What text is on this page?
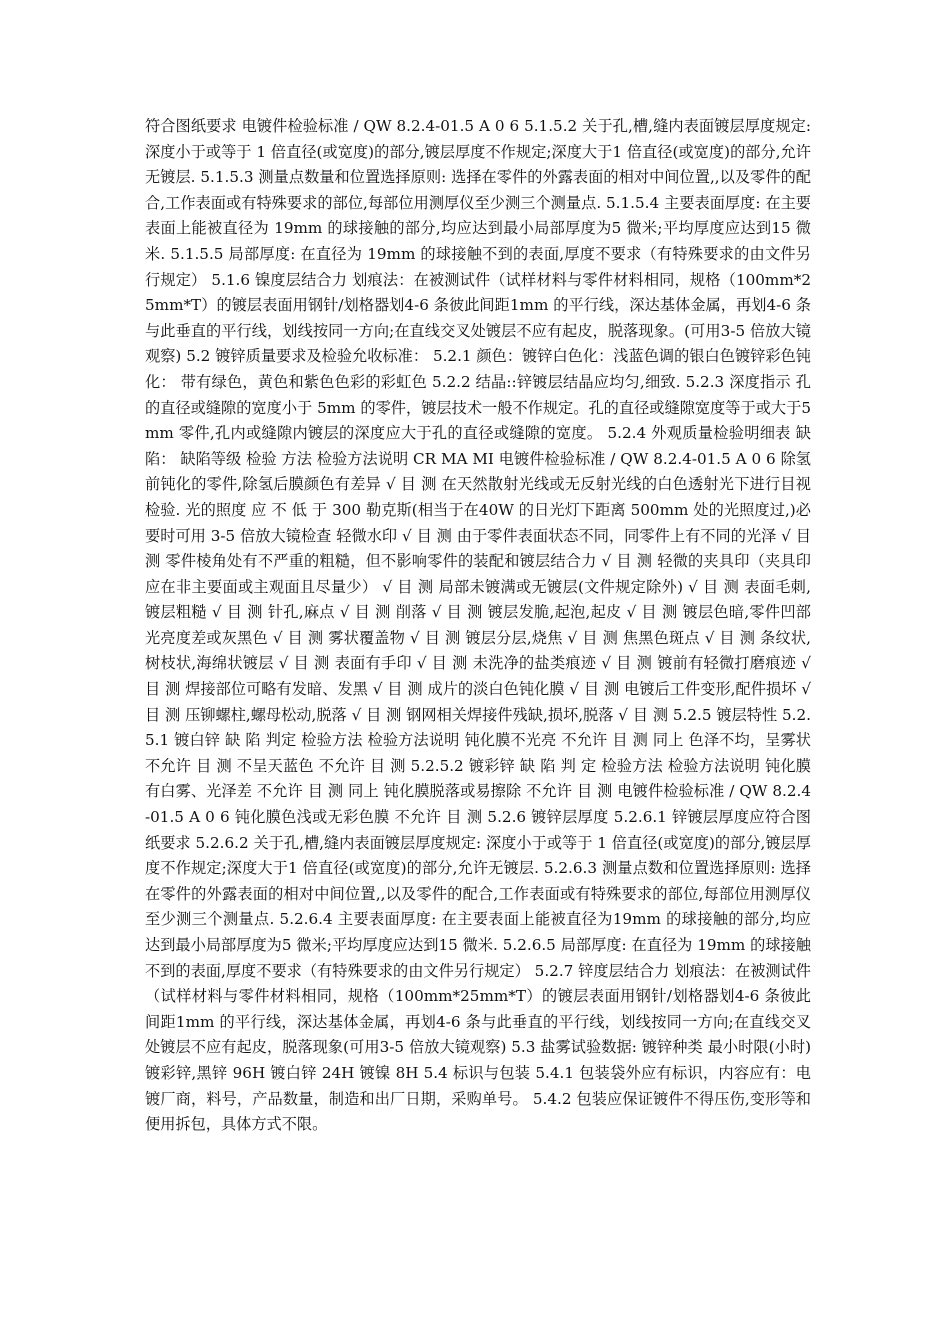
符合图纸要求 电镀件检验标准 / QW 8.2.4-01.5 A 0 6 5.1.5.2 关于孔,槽,缝内表面镀层厚度规定: 深度小于或等于 1 倍直径(或宽度)的部分,镀层厚度不作规定;深度大于1 倍直径(或宽度)的部分,允许无镀层. 5.1.5.3 测量点数量和位置选择原则: 选择在零件的外露表面的相对中间位置,,以及零件的配合,工作表面或有特殊要求的部位,每部位用测厚仪至少测三个测量点. 5.1.5.4 主要表面厚度: 在主要表面上能被直径为 19mm 的球接触的部分,均应达到最小局部厚度为5 微米;平均厚度应达到15 微米. 5.1.5.5 局部厚度: 在直径为 19mm 的球接触不到的表面,厚度不要求（有特殊要求的由文件另行规定） 5.1.6 镍度层结合力 划痕法：在被测试件（试样材料与零件材料相同，规格（100mm*25mm*T）的镀层表面用钢针/划格器划4-6 条彼此间距1mm 的平行线，深达基体金属，再划4-6 条与此垂直的平行线，划线按同一方向;在直线交叉处镀层不应有起皮，脱落现象。(可用3-5 倍放大镜观察) 5.2 镀锌质量要求及检验允收标准： 5.2.1 颜色：镀锌白色化：浅蓝色调的银白色镀锌彩色钝化： 带有绿色，黄色和紫色色彩的彩虹色 5.2.2 结晶::锌镀层结晶应均匀,细致. 5.2.3 深度指示 孔的直径或缝隙的宽度小于 5mm 的零件，镀层技术一般不作规定。孔的直径或缝隙宽度等于或大于5mm 零件,孔内或缝隙内镀层的深度应大于孔的直径或缝隙的宽度。 5.2.4 外观质量检验明细表 缺 陷： 缺陷等级 检验 方法 检验方法说明 CR MA MI 电镀件检验标准 / QW 8.2.4-01.5 A 0 6 除氢前钝化的零件,除氢后膜颜色有差异 √ 目 测 在天然散射光线或无反射光线的白色透射光下进行目视检验. 光的照度 应 不 低 于 300 勒克斯(相当于在40W 的日光灯下距离 500mm 处的光照度过,)必要时可用 3-5 倍放大镜检查 轻微水印 √ 目 测 由于零件表面状态不同，同零件上有不同的光泽 √ 目 测 零件棱角处有不严重的粗糙，但不影响零件的装配和镀层结合力 √ 目 测 轻微的夹具印（夹具印应在非主要面或主观面且尽量少） √ 目 测 局部未镀满或无镀层(文件规定除外) √ 目 测 表面毛刺,镀层粗糙 √ 目 测 针孔,麻点 √ 目 测 削落 √ 目 测 镀层发脆,起泡,起皮 √ 目 测 镀层色暗,零件凹部光亮度差或灰黑色 √ 目 测 雾状覆盖物 √ 目 测 镀层分层,烧焦 √ 目 测 焦黑色斑点 √ 目 测 条纹状,树枝状,海绵状镀层 √ 目 测 表面有手印 √ 目 测 未洗净的盐类痕迹 √ 目 测 镀前有轻微打磨痕迹 √ 目 测 焊接部位可略有发暗、发黑 √ 目 测 成片的淡白色钝化膜 √ 目 测 电镀后工件变形,配件损坏 √ 目 测 压铆螺柱,螺母松动,脱落 √ 目 测 钢网相关焊接件残缺,损坏,脱落 √ 目 测 5.2.5 镀层特性 5.2.5.1 镀白锌 缺 陷 判定 检验方法 检验方法说明 钝化膜不光亮 不允许 目 测 同上 色泽不均，呈雾状 不允许 目 测 不呈天蓝色 不允许 目 测 5.2.5.2 镀彩锌 缺 陷 判 定 检验方法 检验方法说明 钝化膜有白雾、光泽差 不允许 目 测 同上 钝化膜脱落或易擦除 不允许 目 测 电镀件检验标准 / QW 8.2.4-01.5 A 0 6 钝化膜色浅或无彩色膜 不允许 目 测 5.2.6 镀锌层厚度 5.2.6.1 锌镀层厚度应符合图纸要求 5.2.6.2 关于孔,槽,缝内表面镀层厚度规定: 深度小于或等于 1 倍直径(或宽度)的部分,镀层厚度不作规定;深度大于1 倍直径(或宽度)的部分,允许无镀层. 5.2.6.3 测量点数和位置选择原则: 选择在零件的外露表面的相对中间位置,,以及零件的配合,工作表面或有特殊要求的部位,每部位用测厚仪至少测三个测量点. 5.2.6.4 主要表面厚度: 在主要表面上能被直径为19mm 的球接触的部分,均应达到最小局部厚度为5 微米;平均厚度应达到15 微米. 5.2.6.5 局部厚度: 在直径为 19mm 的球接触不到的表面,厚度不要求（有特殊要求的由文件另行规定） 5.2.7 锌度层结合力 划痕法：在被测试件（试样材料与零件材料相同，规格（100mm*25mm*T）的镀层表面用钢针/划格器划4-6 条彼此间距1mm 的平行线，深达基体金属，再划4-6 条与此垂直的平行线，划线按同一方向;在直线交叉处镀层不应有起皮，脱落现象(可用3-5 倍放大镜观察) 5.3 盐雾试验数据: 镀锌种类 最小时限(小时) 镀彩锌,黑锌 96H 镀白锌 24H 镀镍 8H 5.4 标识与包装 5.4.1 包装袋外应有标识，内容应有：电镀厂商，料号，产品数量，制造和出厂日期，采购单号。 5.4.2 包装应保证镀件不得压伤,变形等和便用拆包，具体方式不限。
